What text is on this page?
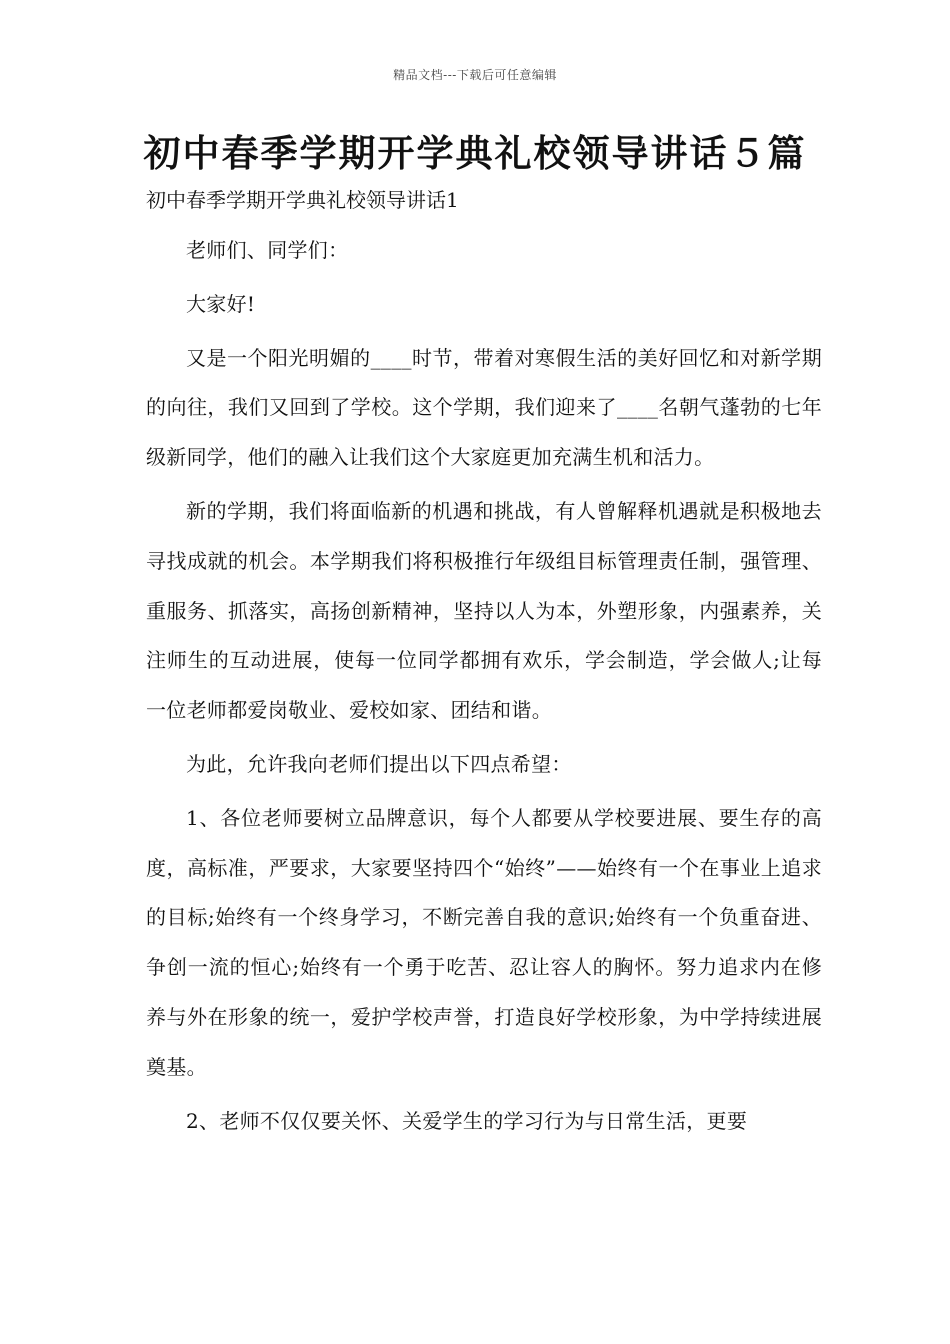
精品文档---下载后可任意编辑
初中春季学期开学典礼校领导讲话５篇

初中春季学期开学典礼校领导讲话1

老师们、同学们：

大家好!

又是一个阳光明媚的____时节，带着对寒假生活的美好回忆和对新学期的向往，我们又回到了学校。这个学期，我们迎来了____名朝气蓬勃的七年级新同学，他们的融入让我们这个大家庭更加充满生机和活力。

新的学期，我们将面临新的机遇和挑战，有人曾解释机遇就是积极地去寻找成就的机会。本学期我们将积极推行年级组目标管理责任制，强管理、重服务、抓落实，高扬创新精神，坚持以人为本，外塑形象，内强素养，关注师生的互动进展，使每一位同学都拥有欢乐，学会制造，学会做人;让每一位老师都爱岗敬业、爱校如家、团结和谐。

为此，允许我向老师们提出以下四点希望：

1、各位老师要树立品牌意识，每个人都要从学校要进展、要生存的高度，高标准，严要求，大家要坚持四个“始终”——始终有一个在事业上追求的目标;始终有一个终身学习，不断完善自我的意识;始终有一个负重奋进、争创一流的恒心;始终有一个勇于吃苦、忍让容人的胸怀。努力追求内在修养与外在形象的统一，爱护学校声誉，打造良好学校形象，为中学持续进展奠基。

2、老师不仅仅要关怀、关爱学生的学习行为与日常生活，更要
